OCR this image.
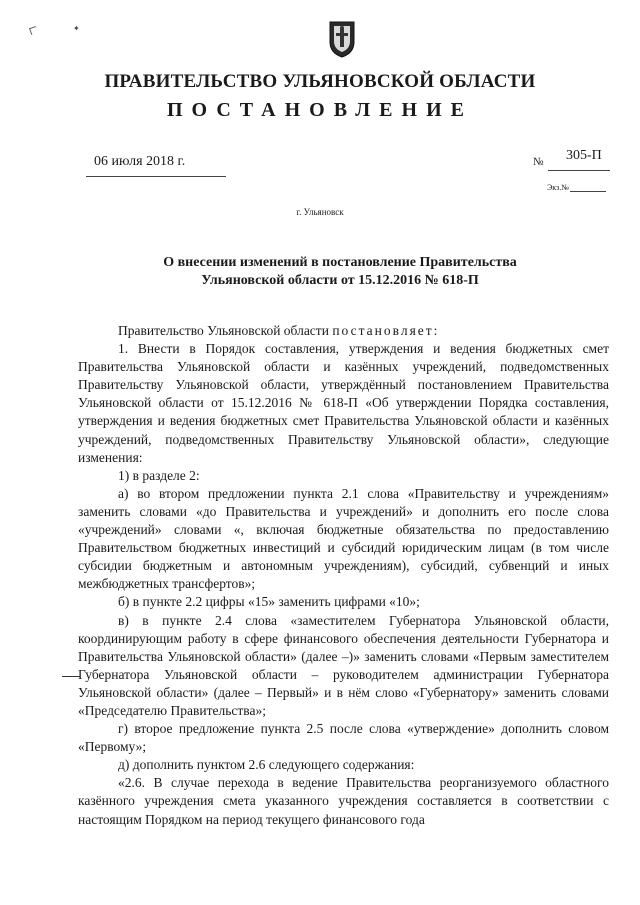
✦
ПРАВИТЕЛЬСТВО УЛЬЯНОВСКОЙ ОБЛАСТИ
ПОСТАНОВЛЕНИЕ
06 июля 2018 г.	№ 305-П
Экз.№
г. Ульяновск
О внесении изменений в постановление Правительства
Ульяновской области от 15.12.2016 № 618-П

Правительство Ульяновской области постановляет:

1. Внести в Порядок составления, утверждения и ведения бюджетных смет Правительства Ульяновской области и казённых учреждений, подведомственных Правительству Ульяновской области, утверждённый постановлением Правительства Ульяновской области от 15.12.2016 № 618-П «Об утверждении Порядка составления, утверждения и ведения бюджетных смет Правительства Ульяновской области и казённых учреждений, подведомственных Правительству Ульяновской области», следующие изменения:

1) в разделе 2:

а) во втором предложении пункта 2.1 слова «Правительству и учреждениям» заменить словами «до Правительства и учреждений» и дополнить его после слова «учреждений» словами «, включая бюджетные обязательства по предоставлению Правительством бюджетных инвестиций и субсидий юридическим лицам (в том числе субсидии бюджетным и автономным учреждениям), субсидий, субвенций и иных межбюджетных трансфертов»;

б) в пункте 2.2 цифры «15» заменить цифрами «10»;

в) в пункте 2.4 слова «заместителем Губернатора Ульяновской области, координирующим работу в сфере финансового обеспечения деятельности Губернатора и Правительства Ульяновской области» (далее –)» заменить словами «Первым заместителем Губернатора Ульяновской области – руководителем администрации Губернатора Ульяновской области» (далее – Первый» и в нём слово «Губернатору» заменить словами «Председателю Правительства»;

г) второе предложение пункта 2.5 после слова «утверждение» дополнить словом «Первому»;

д) дополнить пунктом 2.6 следующего содержания:

«2.6. В случае перехода в ведение Правительства реорганизуемого областного казённого учреждения смета указанного учреждения составляется в соответствии с настоящим Порядком на период текущего финансового года
